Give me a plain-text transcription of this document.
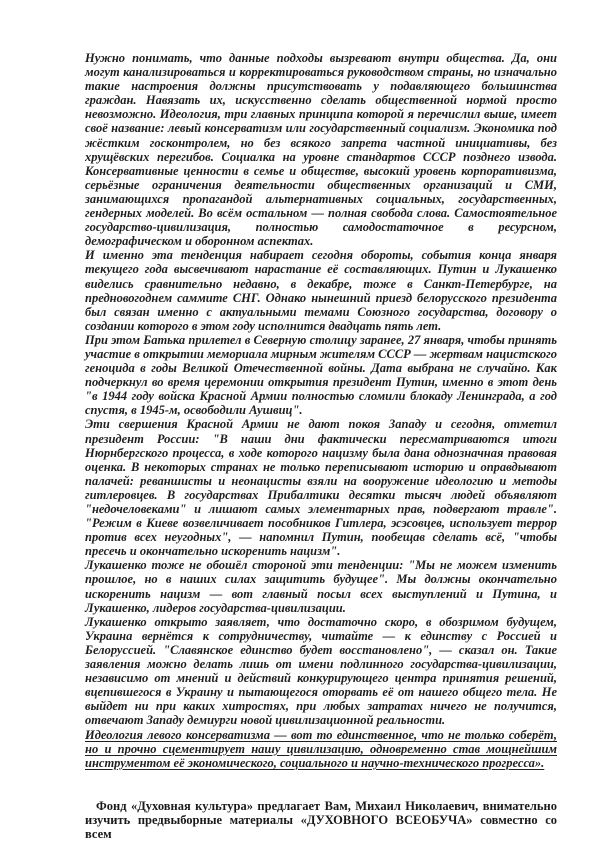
Нужно понимать, что данные подходы вызревают внутри общества. Да, они могут канализироваться и корректироваться руководством страны, но изначально такие настроения должны присутствовать у подавляющего большинства граждан. Навязать их, искусственно сделать общественной нормой просто невозможно. Идеология, три главных принципа которой я перечислил выше, имеет своё название: левый консерватизм или государственный социализм. Экономика под жёстким госконтролем, но без всякого запрета частной инициативы, без хрущёвских перегибов. Социалка на уровне стандартов СССР позднего извода. Консервативные ценности в семье и обществе, высокий уровень корпоративизма, серьёзные ограничения деятельности общественных организаций и СМИ, занимающихся пропагандой альтернативных социальных, государственных, гендерных моделей. Во всём остальном — полная свобода слова. Самостоятельное государство-цивилизация, полностью самодостаточное в ресурсном, демографическом и оборонном аспектах.

И именно эта тенденция набирает сегодня обороты, события конца января текущего года высвечивают нарастание её составляющих. Путин и Лукашенко виделись сравнительно недавно, в декабре, тоже в Санкт-Петербурге, на предновогоднем саммите СНГ. Однако нынешний приезд белорусского президента был связан именно с актуальными темами Союзного государства, договору о создании которого в этом году исполнится двадцать пять лет.

При этом Батька прилетел в Северную столицу заранее, 27 января, чтобы принять участие в открытии мемориала мирным жителям СССР — жертвам нацистского геноцида в годы Великой Отечественной войны. Дата выбрана не случайно. Как подчеркнул во время церемонии открытия президент Путин, именно в этот день "в 1944 году войска Красной Армии полностью сломили блокаду Ленинграда, а год спустя, в 1945-м, освободили Аушвиц".

Эти свершения Красной Армии не дают покоя Западу и сегодня, отметил президент России: "В наши дни фактически пересматриваются итоги Нюрнбергского процесса, в ходе которого нацизму была дана однозначная правовая оценка. В некоторых странах не только переписывают историю и оправдывают палачей: реваншисты и неонацисты взяли на вооружение идеологию и методы гитлеровцев. В государствах Прибалтики десятки тысяч людей объявляют "недочеловеками" и лишают самых элементарных прав, подвергают травле". "Режим в Киеве возвеличивает пособников Гитлера, эсэсовцев, использует террор против всех неугодных", — напомнил Путин, пообещав сделать всё, "чтобы пресечь и окончательно искоренить нацизм".

Лукашенко тоже не обошёл стороной эти тенденции: "Мы не можем изменить прошлое, но в наших силах защитить будущее". Мы должны окончательно искоренить нацизм — вот главный посыл всех выступлений и Путина, и Лукашенко, лидеров государства-цивилизации.

Лукашенко открыто заявляет, что достаточно скоро, в обозримом будущем, Украина вернётся к сотрудничеству, читайте — к единству с Россией и Белоруссией. "Славянское единство будет восстановлено", — сказал он. Такие заявления можно делать лишь от имени подлинного государства-цивилизации, независимо от мнений и действий конкурирующего центра принятия решений, вцепившегося в Украину и пытающегося оторвать её от нашего общего тела. Не выйдет ни при каких хитростях, при любых затратах ничего не получится, отвечают Западу демиурги новой цивилизационной реальности.

Идеология левого консерватизма — вот то единственное, что не только соберёт, но и прочно сцементирует нашу цивилизацию, одновременно став мощнейшим инструментом её экономического, социального и научно-технического прогресса».

Фонд «Духовная культура» предлагает Вам, Михаил Николаевич, внимательно изучить предвыборные материалы «ДУХОВНОГО ВСЕОБУЧА» совместно со всем
